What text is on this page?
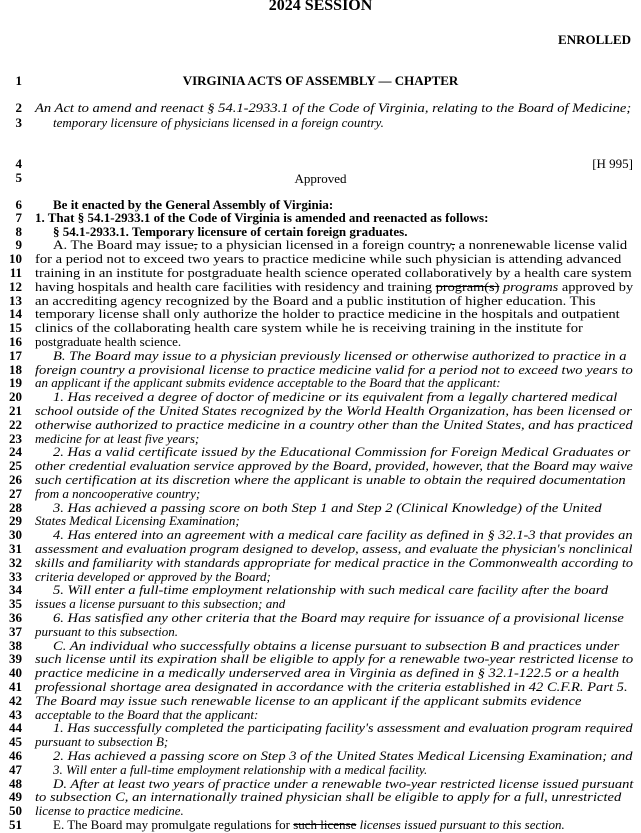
2024 SESSION
ENROLLED
VIRGINIA ACTS OF ASSEMBLY — CHAPTER
[H 995]
Approved
1
2 An Act to amend and reenact § 54.1-2933.1 of the Code of Virginia, relating to the Board of Medicine;
3 temporary licensure of physicians licensed in a foreign country.
4
5
6 Be it enacted by the General Assembly of Virginia:
7 1. That § 54.1-2933.1 of the Code of Virginia is amended and reenacted as follows:
8 § 54.1-2933.1. Temporary licensure of certain foreign graduates.
9 A. The Board may issue, to a physician licensed in a foreign country, a nonrenewable license valid
10 for a period not to exceed two years to practice medicine while such physician is attending advanced
11 training in an institute for postgraduate health science operated collaboratively by a health care system
12 having hospitals and health care facilities with residency and training program(s) programs approved by
13 an accrediting agency recognized by the Board and a public institution of higher education. This
14 temporary license shall only authorize the holder to practice medicine in the hospitals and outpatient
15 clinics of the collaborating health care system while he is receiving training in the institute for
16 postgraduate health science.
17 B. The Board may issue to a physician previously licensed or otherwise authorized to practice in a
18 foreign country a provisional license to practice medicine valid for a period not to exceed two years to
19 an applicant if the applicant submits evidence acceptable to the Board that the applicant:
20 1. Has received a degree of doctor of medicine or its equivalent from a legally chartered medical
21 school outside of the United States recognized by the World Health Organization, has been licensed or
22 otherwise authorized to practice medicine in a country other than the United States, and has practiced
23 medicine for at least five years;
24 2. Has a valid certificate issued by the Educational Commission for Foreign Medical Graduates or
25 other credential evaluation service approved by the Board, provided, however, that the Board may waive
26 such certification at its discretion where the applicant is unable to obtain the required documentation
27 from a noncooperative country;
28 3. Has achieved a passing score on both Step 1 and Step 2 (Clinical Knowledge) of the United
29 States Medical Licensing Examination;
30 4. Has entered into an agreement with a medical care facility as defined in § 32.1-3 that provides an
31 assessment and evaluation program designed to develop, assess, and evaluate the physician's nonclinical
32 skills and familiarity with standards appropriate for medical practice in the Commonwealth according to
33 criteria developed or approved by the Board;
34 5. Will enter a full-time employment relationship with such medical care facility after the board
35 issues a license pursuant to this subsection; and
36 6. Has satisfied any other criteria that the Board may require for issuance of a provisional license
37 pursuant to this subsection.
38 C. An individual who successfully obtains a license pursuant to subsection B and practices under
39 such license until its expiration shall be eligible to apply for a renewable two-year restricted license to
40 practice medicine in a medically underserved area in Virginia as defined in § 32.1-122.5 or a health
41 professional shortage area designated in accordance with the criteria established in 42 C.F.R. Part 5.
42 The Board may issue such renewable license to an applicant if the applicant submits evidence
43 acceptable to the Board that the applicant:
44 1. Has successfully completed the participating facility's assessment and evaluation program required
45 pursuant to subsection B;
46 2. Has achieved a passing score on Step 3 of the United States Medical Licensing Examination; and
47 3. Will enter a full-time employment relationship with a medical facility.
48 D. After at least two years of practice under a renewable two-year restricted license issued pursuant
49 to subsection C, an internationally trained physician shall be eligible to apply for a full, unrestricted
50 license to practice medicine.
51 E. The Board may promulgate regulations for such license licenses issued pursuant to this section.
